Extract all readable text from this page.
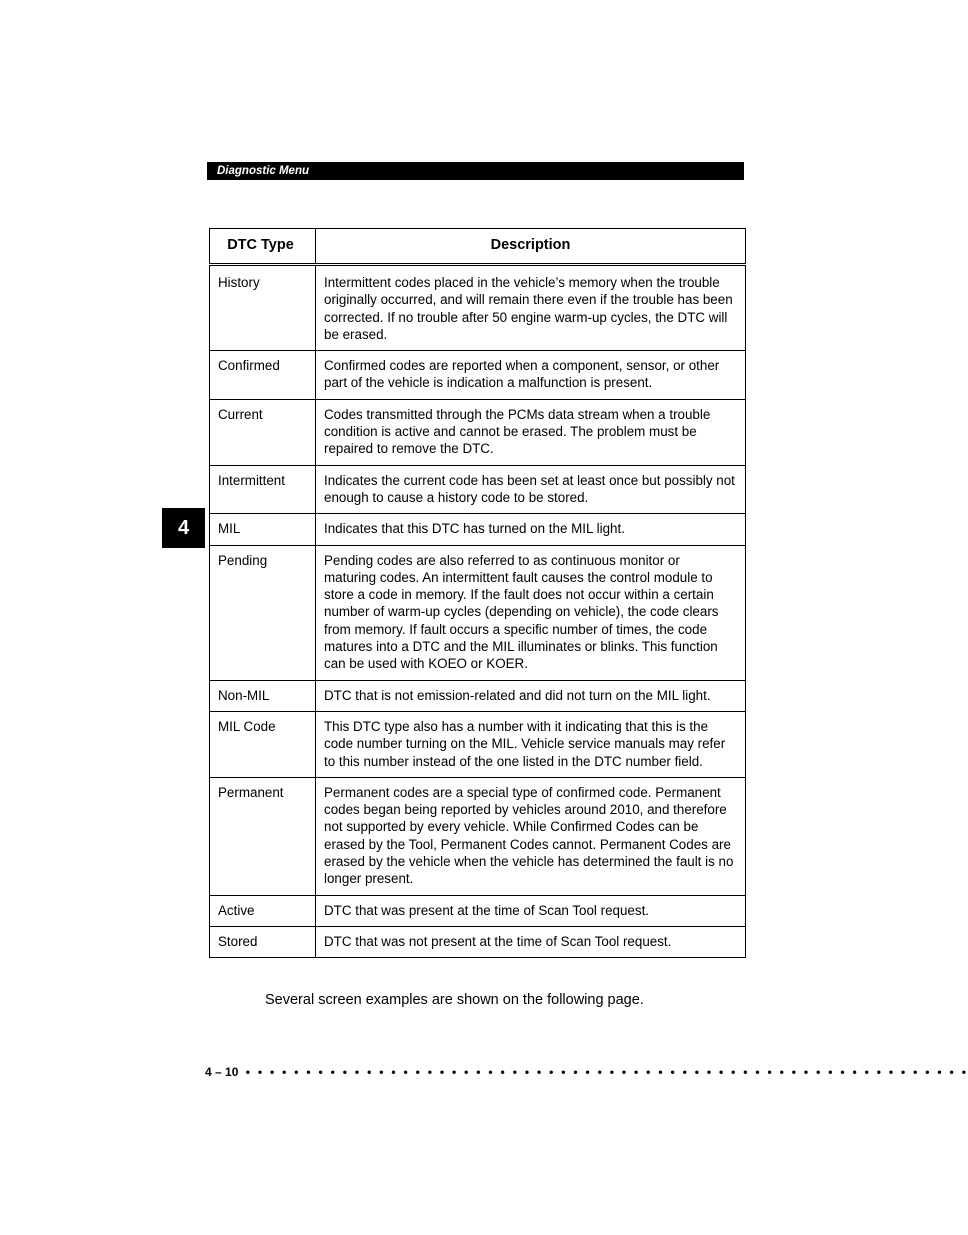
Diagnostic Menu
4
DTC Type	Description
History	Intermittent codes placed in the vehicle’s memory when the trouble originally occurred, and will remain there even if the trouble has been corrected. If no trouble after 50 engine warm-up cycles, the DTC will be erased.
Confirmed	Confirmed codes are reported when a component, sensor, or other part of the vehicle is indication a malfunction is present.
Current	Codes transmitted through the PCMs data stream when a trouble condition is active and cannot be erased. The problem must be repaired to remove the DTC.
Intermittent	Indicates the current code has been set at least once but possibly not enough to cause a history code to be stored.
MIL	Indicates that this DTC has turned on the MIL light.
Pending	Pending codes are also referred to as continuous monitor or maturing codes. An intermittent fault causes the control module to store a code in memory. If the fault does not occur within a certain number of warm-up cycles (depending on vehicle), the code clears from memory. If fault occurs a specific number of times, the code matures into a DTC and the MIL illuminates or blinks. This function can be used with KOEO or KOER.
Non-MIL	DTC that is not emission-related and did not turn on the MIL light.
MIL Code	This DTC type also has a number with it indicating that this is the code number turning on the MIL. Vehicle service manuals may refer to this number instead of the one listed in the DTC number field.
Permanent	Permanent codes are a special type of confirmed code. Permanent codes began being reported by vehicles around 2010, and therefore not supported by every vehicle. While Confirmed Codes can be erased by the Tool, Permanent Codes cannot. Permanent Codes are erased by the vehicle when the vehicle has determined the fault is no longer present.
Active	DTC that was present at the time of Scan Tool request.
Stored	DTC that was not present at the time of Scan Tool request.
Several screen examples are shown on the following page.
4 – 10 • • • • • • • • • • • • • • • • • • • • • • • • • • • • • • • • • • • • • • • • • • • • • • • • • • • • • • • • • • • •
